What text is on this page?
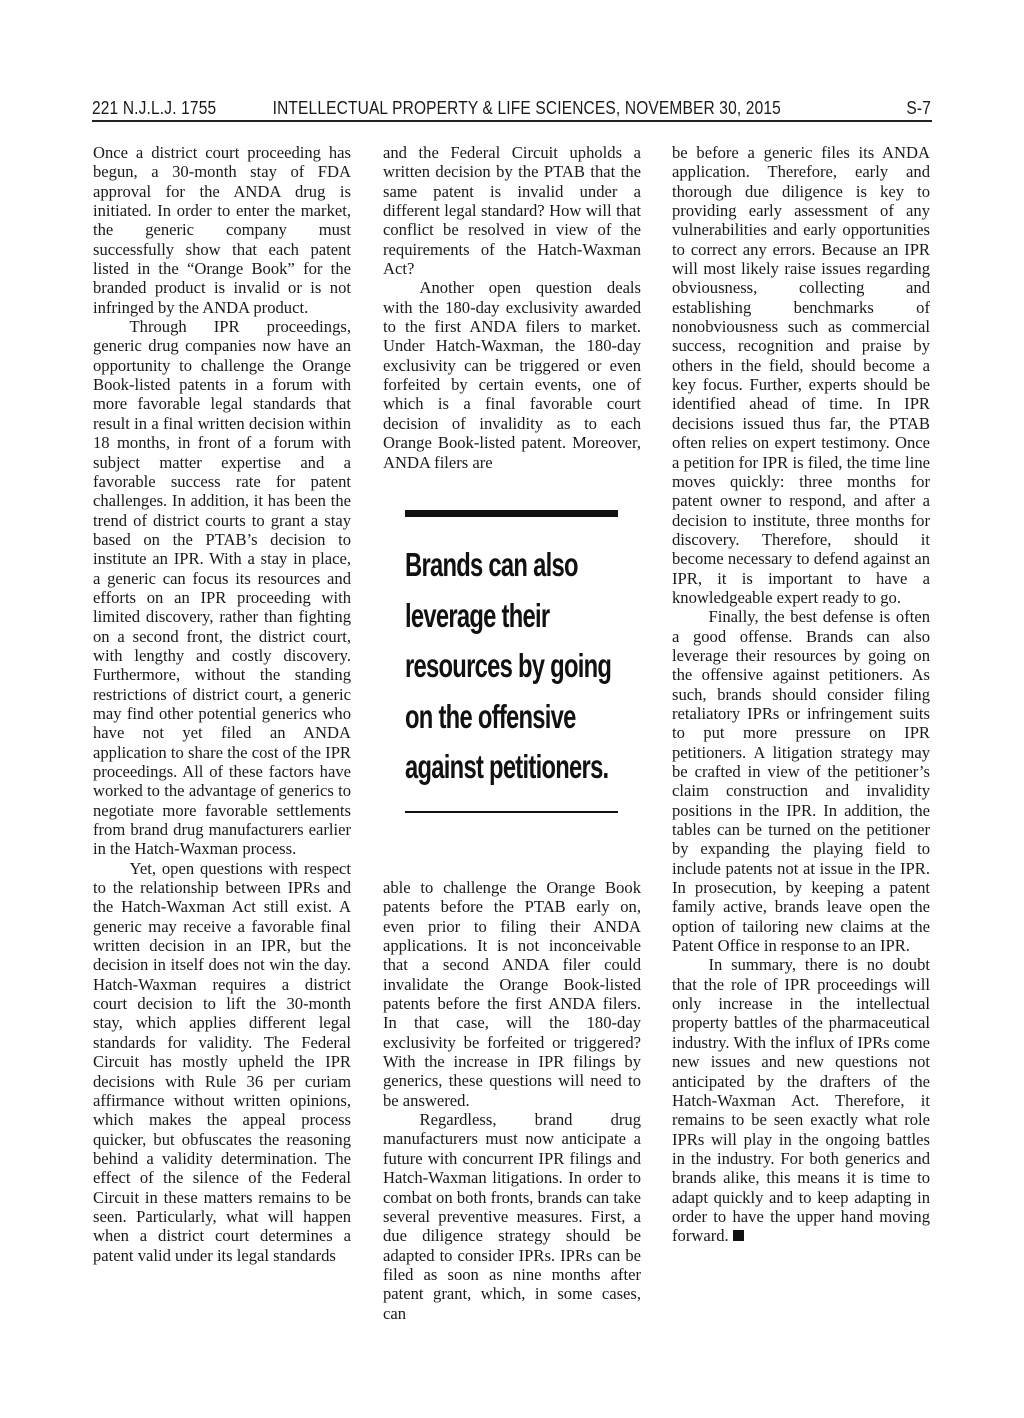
221 N.J.L.J. 1755	INTELLECTUAL PROPERTY & LIFE SCIENCES, NOVEMBER 30, 2015	S-7

Once a district court proceeding has begun, a 30-month stay of FDA approval for the ANDA drug is initiated. In order to enter the market, the generic company must successfully show that each patent listed in the “Orange Book” for the branded product is invalid or is not infringed by the ANDA product.

Through IPR proceedings, generic drug companies now have an opportunity to challenge the Orange Book-listed patents in a forum with more favorable legal standards that result in a final written decision within 18 months, in front of a forum with subject matter expertise and a favorable success rate for patent challenges. In addition, it has been the trend of district courts to grant a stay based on the PTAB’s decision to institute an IPR. With a stay in place, a generic can focus its resources and efforts on an IPR proceeding with limited discovery, rather than fighting on a second front, the district court, with lengthy and costly discovery. Furthermore, without the standing restrictions of district court, a generic may find other potential generics who have not yet filed an ANDA application to share the cost of the IPR proceedings. All of these factors have worked to the advantage of generics to negotiate more favorable settlements from brand drug manufacturers earlier in the Hatch-Waxman process.

Yet, open questions with respect to the relationship between IPRs and the Hatch-Waxman Act still exist. A generic may receive a favorable final written decision in an IPR, but the decision in itself does not win the day. Hatch-Waxman requires a district court decision to lift the 30-month stay, which applies different legal standards for validity. The Federal Circuit has mostly upheld the IPR decisions with Rule 36 per curiam affirmance without written opinions, which makes the appeal process quicker, but obfuscates the reasoning behind a validity determination. The effect of the silence of the Federal Circuit in these matters remains to be seen. Particularly, what will happen when a district court determines a patent valid under its legal standards

and the Federal Circuit upholds a written decision by the PTAB that the same patent is invalid under a different legal standard? How will that conflict be resolved in view of the requirements of the Hatch-Waxman Act?

Another open question deals with the 180-day exclusivity awarded to the first ANDA filers to market. Under Hatch-Waxman, the 180-day exclusivity can be triggered or even forfeited by certain events, one of which is a final favorable court decision of invalidity as to each Orange Book-listed patent. Moreover, ANDA filers are

Brands can also
leverage their
resources by going
on the offensive
against petitioners.

able to challenge the Orange Book patents before the PTAB early on, even prior to filing their ANDA applications. It is not inconceivable that a second ANDA filer could invalidate the Orange Book-listed patents before the first ANDA filers. In that case, will the 180-day exclusivity be forfeited or triggered? With the increase in IPR filings by generics, these questions will need to be answered.

Regardless, brand drug manufacturers must now anticipate a future with concurrent IPR filings and Hatch-Waxman litigations. In order to combat on both fronts, brands can take several preventive measures. First, a due diligence strategy should be adapted to consider IPRs. IPRs can be filed as soon as nine months after patent grant, which, in some cases, can

be before a generic files its ANDA application. Therefore, early and thorough due diligence is key to providing early assessment of any vulnerabilities and early opportunities to correct any errors. Because an IPR will most likely raise issues regarding obviousness, collecting and establishing benchmarks of nonobviousness such as commercial success, recognition and praise by others in the field, should become a key focus. Further, experts should be identified ahead of time. In IPR decisions issued thus far, the PTAB often relies on expert testimony. Once a petition for IPR is filed, the time line moves quickly: three months for patent owner to respond, and after a decision to institute, three months for discovery. Therefore, should it become necessary to defend against an IPR, it is important to have a knowledgeable expert ready to go.

Finally, the best defense is often a good offense. Brands can also leverage their resources by going on the offensive against petitioners. As such, brands should consider filing retaliatory IPRs or infringement suits to put more pressure on IPR petitioners. A litigation strategy may be crafted in view of the petitioner’s claim construction and invalidity positions in the IPR. In addition, the tables can be turned on the petitioner by expanding the playing field to include patents not at issue in the IPR. In prosecution, by keeping a patent family active, brands leave open the option of tailoring new claims at the Patent Office in response to an IPR.

In summary, there is no doubt that the role of IPR proceedings will only increase in the intellectual property battles of the pharmaceutical industry. With the influx of IPRs come new issues and new questions not anticipated by the drafters of the Hatch-Waxman Act. Therefore, it remains to be seen exactly what role IPRs will play in the ongoing battles in the industry. For both generics and brands alike, this means it is time to adapt quickly and to keep adapting in order to have the upper hand moving forward.
